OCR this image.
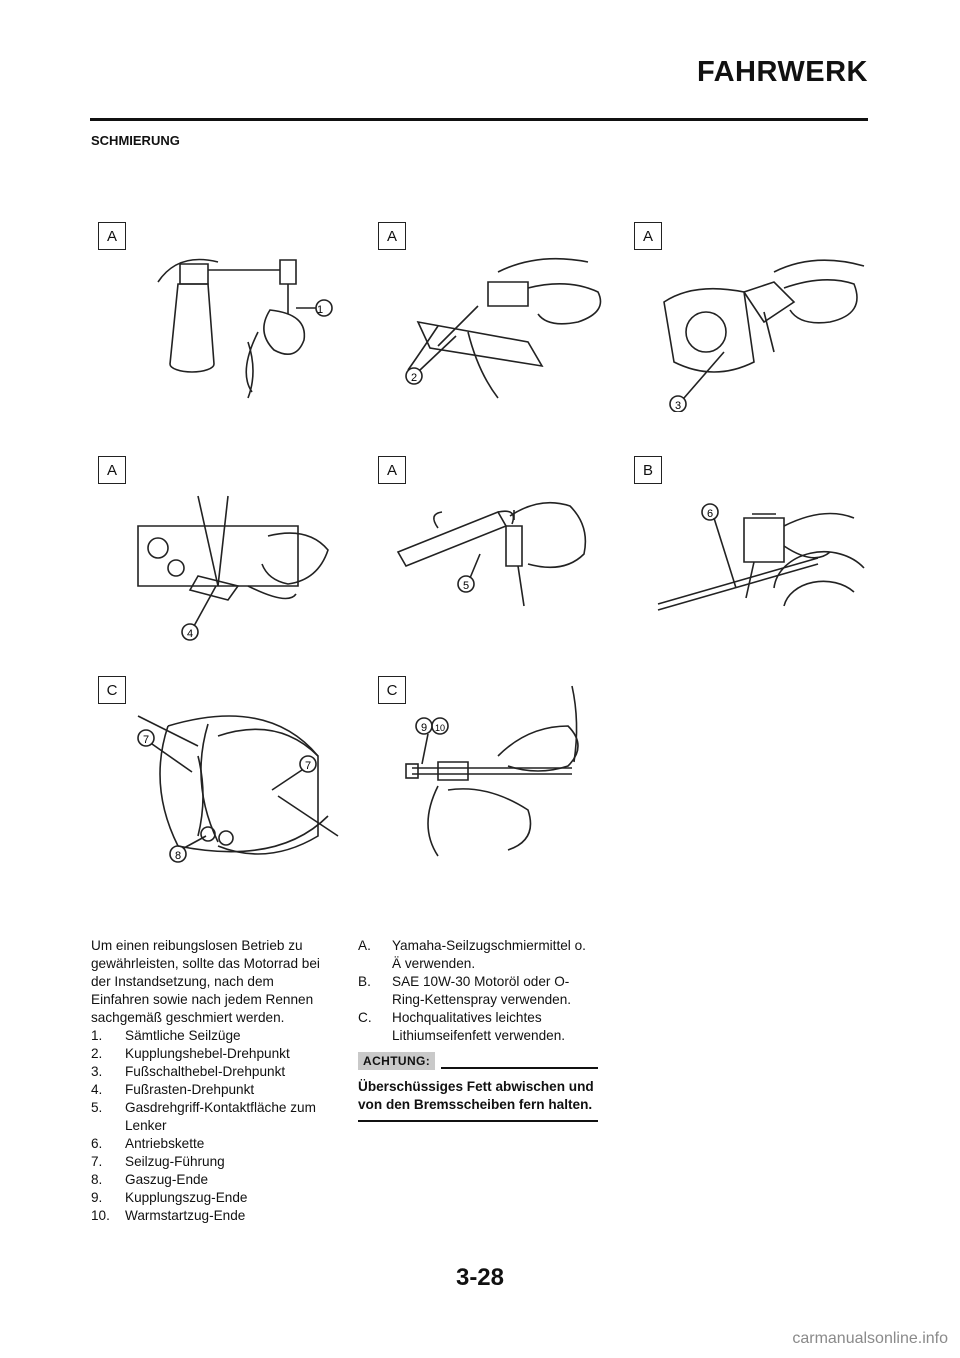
FAHRWERK
SCHMIERUNG
A
1
A
2
A
3
A
4
A
5
B
6
C
7
7
8
C
9 10

Um einen reibungslosen Betrieb zu gewährleisten, sollte das Motorrad bei der Instandsetzung, nach dem Einfahren sowie nach jedem Rennen sachgemäß geschmiert werden.

1.	Sämtliche Seilzüge
2.	Kupplungshebel-Drehpunkt
3.	Fußschalthebel-Drehpunkt
4.	Fußrasten-Drehpunkt
5.	Gasdrehgriff-Kontaktfläche zum Lenker
6.	Antriebskette
7.	Seilzug-Führung
8.	Gaszug-Ende
9.	Kupplungszug-Ende
10.	Warmstartzug-Ende
A.	Yamaha-Seilzugschmiermittel o. Ä verwenden.
B.	SAE 10W-30 Motoröl oder O-Ring-Kettenspray verwenden.
C.	Hochqualitatives leichtes Lithiumseifenfett verwenden.
ACHTUNG:
Überschüssiges Fett abwischen und von den Bremsscheiben fern halten.
3-28
carmanualsonline.info
